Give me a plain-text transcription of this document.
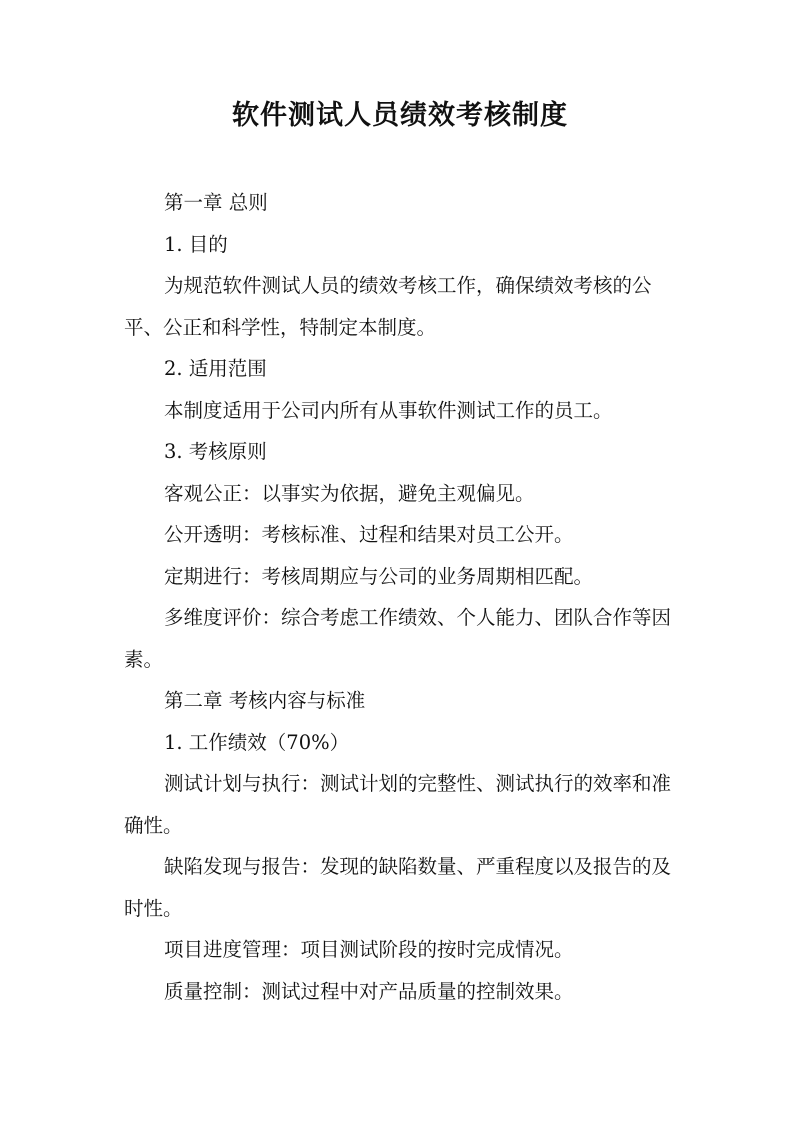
软件测试人员绩效考核制度

第一章 总则

1. 目的

为规范软件测试人员的绩效考核工作，确保绩效考核的公平、公正和科学性，特制定本制度。

2. 适用范围

本制度适用于公司内所有从事软件测试工作的员工。

3. 考核原则

客观公正：以事实为依据，避免主观偏见。

公开透明：考核标准、过程和结果对员工公开。

定期进行：考核周期应与公司的业务周期相匹配。

多维度评价：综合考虑工作绩效、个人能力、团队合作等因素。

第二章 考核内容与标准

1. 工作绩效（70%）

测试计划与执行：测试计划的完整性、测试执行的效率和准确性。

缺陷发现与报告：发现的缺陷数量、严重程度以及报告的及时性。

项目进度管理：项目测试阶段的按时完成情况。

质量控制：测试过程中对产品质量的控制效果。
